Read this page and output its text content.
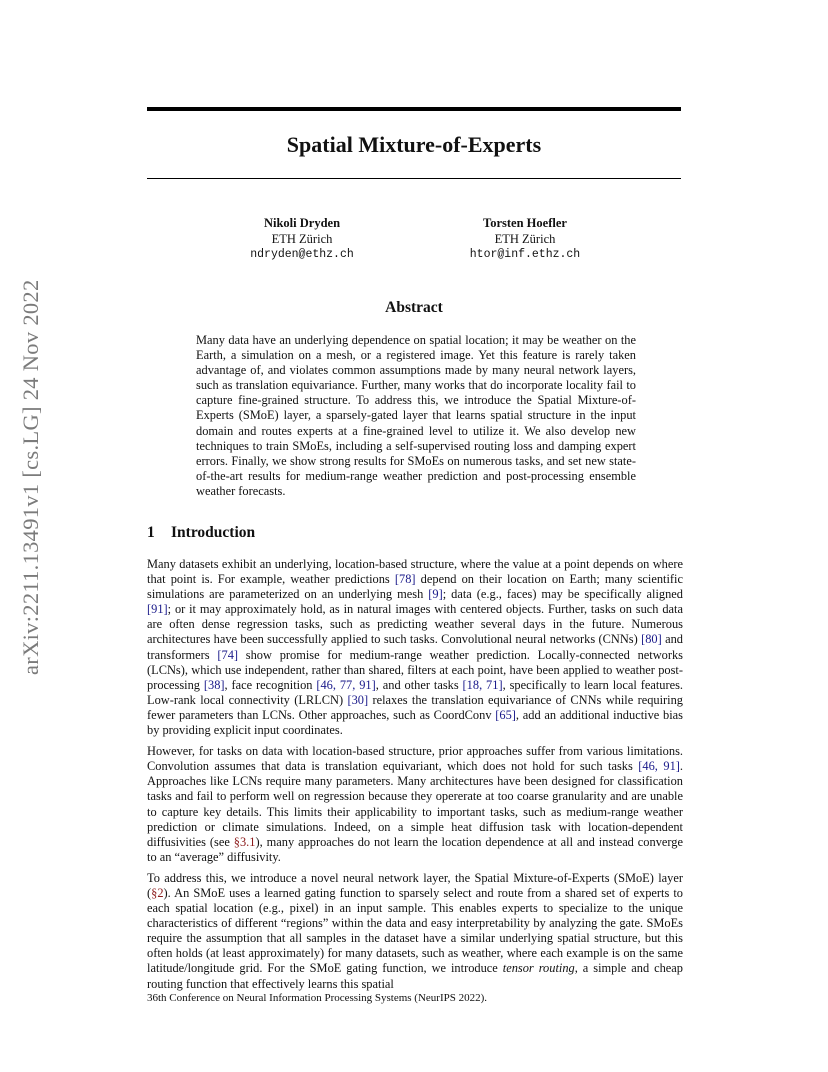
arXiv:2211.13491v1 [cs.LG] 24 Nov 2022
Spatial Mixture-of-Experts
Nikoli Dryden
ETH Zürich
ndryden@ethz.ch
Torsten Hoefler
ETH Zürich
htor@inf.ethz.ch
Abstract
Many data have an underlying dependence on spatial location; it may be weather on the Earth, a simulation on a mesh, or a registered image. Yet this feature is rarely taken advantage of, and violates common assumptions made by many neural network layers, such as translation equivariance. Further, many works that do incorporate locality fail to capture fine-grained structure. To address this, we introduce the Spatial Mixture-of-Experts (SMoE) layer, a sparsely-gated layer that learns spatial structure in the input domain and routes experts at a fine-grained level to utilize it. We also develop new techniques to train SMoEs, including a self-supervised routing loss and damping expert errors. Finally, we show strong results for SMoEs on numerous tasks, and set new state-of-the-art results for medium-range weather prediction and post-processing ensemble weather forecasts.
1 Introduction

Many datasets exhibit an underlying, location-based structure, where the value at a point depends on where that point is. For example, weather predictions [78] depend on their location on Earth; many scientific simulations are parameterized on an underlying mesh [9]; data (e.g., faces) may be specifically aligned [91]; or it may approximately hold, as in natural images with centered objects. Further, tasks on such data are often dense regression tasks, such as predicting weather several days in the future. Numerous architectures have been successfully applied to such tasks. Convolutional neural networks (CNNs) [80] and transformers [74] show promise for medium-range weather prediction. Locally-connected networks (LCNs), which use independent, rather than shared, filters at each point, have been applied to weather post-processing [38], face recognition [46, 77, 91], and other tasks [18, 71], specifically to learn local features. Low-rank local connectivity (LRLCN) [30] relaxes the translation equivariance of CNNs while requiring fewer parameters than LCNs. Other approaches, such as CoordConv [65], add an additional inductive bias by providing explicit input coordinates.

However, for tasks on data with location-based structure, prior approaches suffer from various limitations. Convolution assumes that data is translation equivariant, which does not hold for such tasks [46, 91]. Approaches like LCNs require many parameters. Many architectures have been designed for classification tasks and fail to perform well on regression because they opererate at too coarse granularity and are unable to capture key details. This limits their applicability to important tasks, such as medium-range weather prediction or climate simulations. Indeed, on a simple heat diffusion task with location-dependent diffusivities (see §3.1), many approaches do not learn the location dependence at all and instead converge to an “average” diffusivity.

To address this, we introduce a novel neural network layer, the Spatial Mixture-of-Experts (SMoE) layer (§2). An SMoE uses a learned gating function to sparsely select and route from a shared set of experts to each spatial location (e.g., pixel) in an input sample. This enables experts to specialize to the unique characteristics of different “regions” within the data and easy interpretability by analyzing the gate. SMoEs require the assumption that all samples in the dataset have a similar underlying spatial structure, but this often holds (at least approximately) for many datasets, such as weather, where each example is on the same latitude/longitude grid. For the SMoE gating function, we introduce tensor routing, a simple and cheap routing function that effectively learns this spatial

36th Conference on Neural Information Processing Systems (NeurIPS 2022).
